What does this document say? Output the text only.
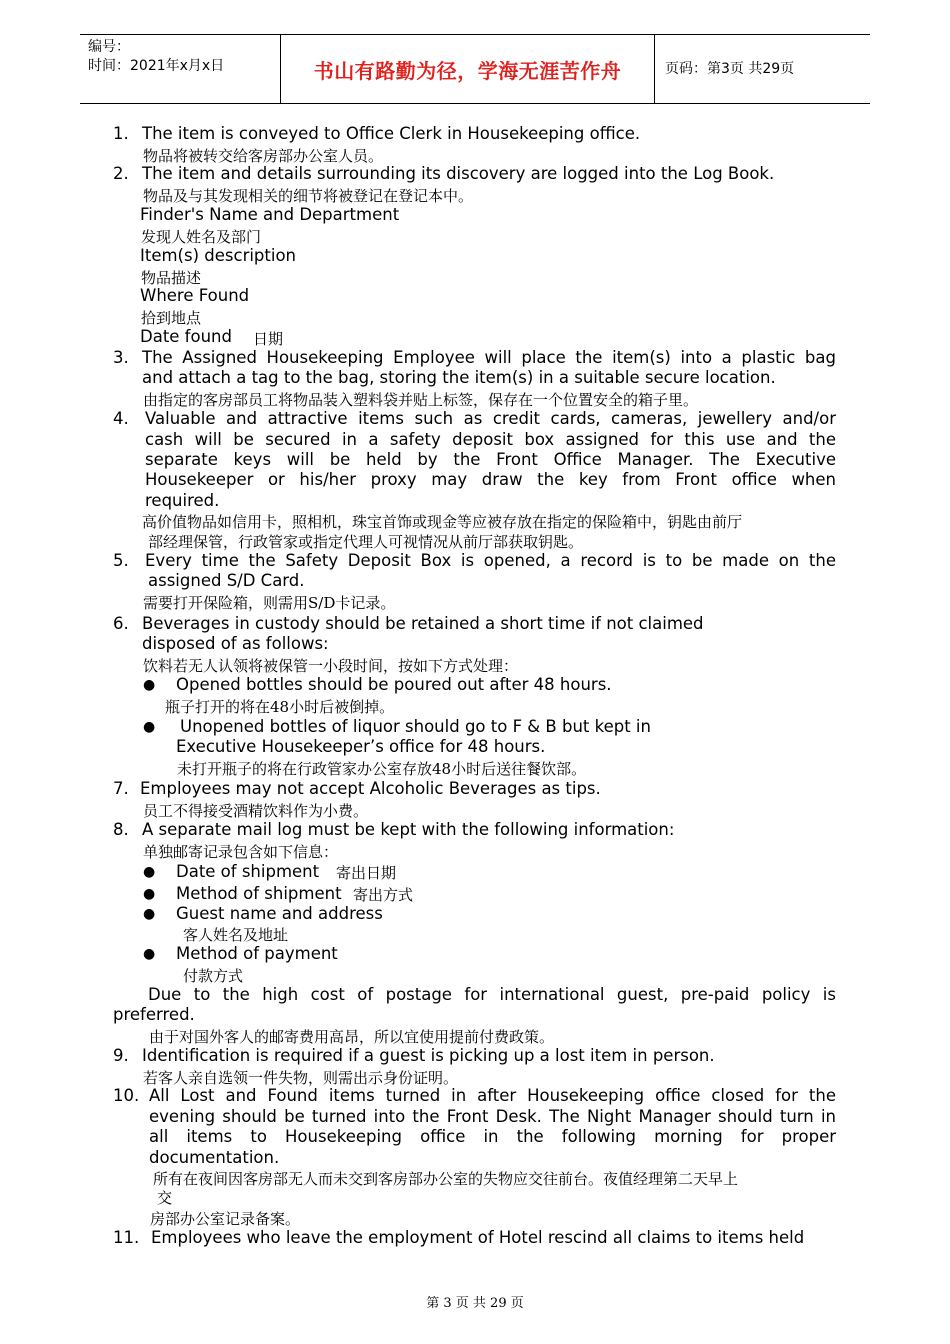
编号：
时间：2021年x月x日	书山有路勤为径，学海无涯苦作舟	页码：第3页 共29页
1. The item is conveyed to Office Clerk in Housekeeping office.
物品将被转交给客房部办公室人员。
2. The item and details surrounding its discovery are logged into the Log Book.
物品及与其发现相关的细节将被登记在登记本中。
Finder's Name and Department
发现人姓名及部门
Item(s) description
物品描述
Where Found
拾到地点
Date found 日期
3. The Assigned Housekeeping Employee will place the item(s) into a plastic bag
and attach a tag to the bag, storing the item(s) in a suitable secure location.
由指定的客房部员工将物品装入塑料袋并贴上标签，保存在一个位置安全的箱子里。
4. Valuable and attractive items such as credit cards, cameras, jewellery and/or
cash will be secured in a safety deposit box assigned for this use and the
separate keys will be held by the Front Office Manager. The Executive
Housekeeper or his/her proxy may draw the key from Front office when
required.
高价值物品如信用卡，照相机，珠宝首饰或现金等应被存放在指定的保险箱中，钥匙由前厅
部经理保管，行政管家或指定代理人可视情况从前厅部获取钥匙。
5. Every time the Safety Deposit Box is opened, a record is to be made on the
assigned S/D Card.
需要打开保险箱，则需用S/D卡记录。
6. Beverages in custody should be retained a short time if not claimed
disposed of as follows:
饮料若无人认领将被保管一小段时间，按如下方式处理：
● Opened bottles should be poured out after 48 hours.
瓶子打开的将在48小时后被倒掉。
● Unopened bottles of liquor should go to F & B but kept in
Executive Housekeeper’s office for 48 hours.
未打开瓶子的将在行政管家办公室存放48小时后送往餐饮部。
7. Employees may not accept Alcoholic Beverages as tips.
员工不得接受酒精饮料作为小费。
8. A separate mail log must be kept with the following information:
单独邮寄记录包含如下信息：
● Date of shipment 寄出日期
● Method of shipment 寄出方式
● Guest name and address
客人姓名及地址
● Method of payment
付款方式
Due to the high cost of postage for international guest, pre-paid policy is
preferred.
由于对国外客人的邮寄费用高昂，所以宜使用提前付费政策。
9. Identification is required if a guest is picking up a lost item in person.
若客人亲自选领一件失物，则需出示身份证明。
10. All Lost and Found items turned in after Housekeeping office closed for the
evening should be turned into the Front Desk. The Night Manager should turn in
all items to Housekeeping office in the following morning for proper
documentation.
所有在夜间因客房部无人而未交到客房部办公室的失物应交往前台。夜值经理第二天早上
交
房部办公室记录备案。
11. Employees who leave the employment of Hotel rescind all claims to items held
第 3 页 共 29 页
